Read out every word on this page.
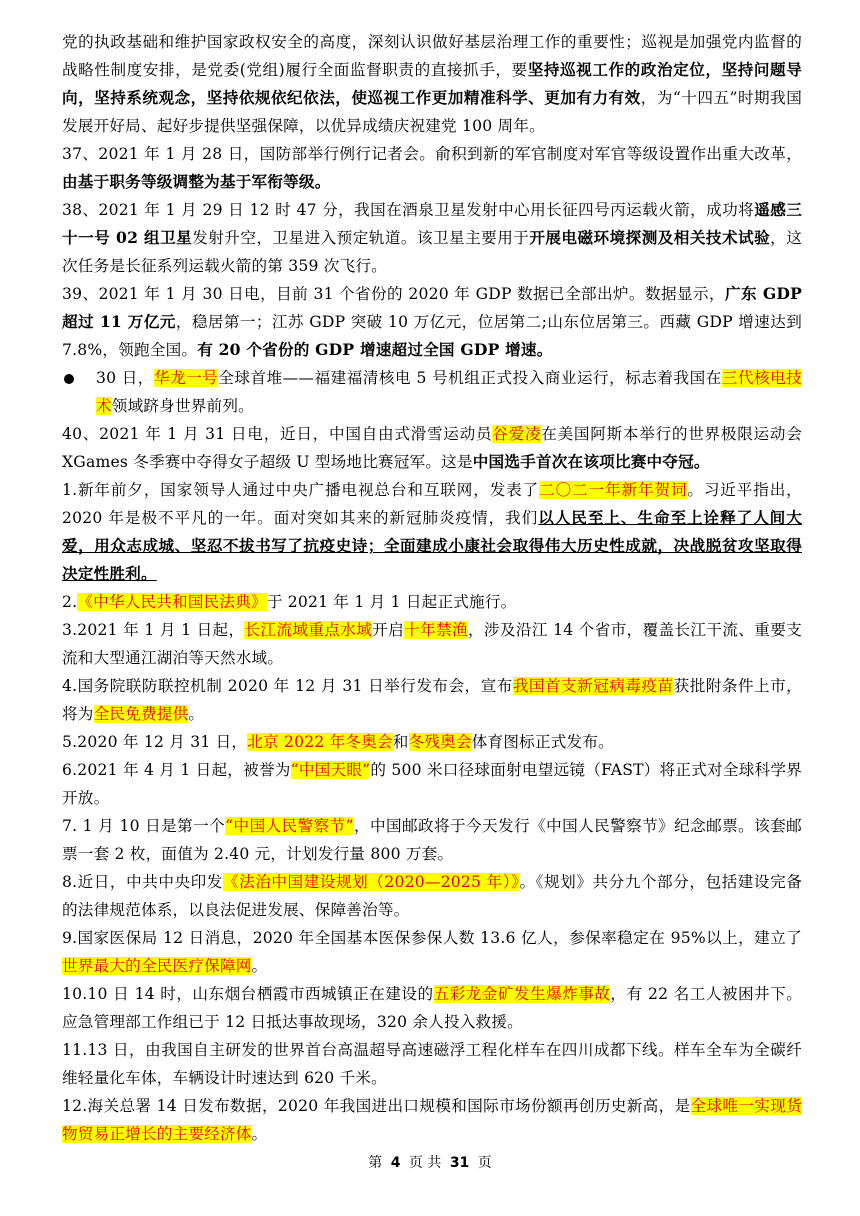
党的执政基础和维护国家政权安全的高度，深刻认识做好基层治理工作的重要性；巡视是加强党内监督的战略性制度安排，是党委(党组)履行全面监督职责的直接抓手，要坚持巡视工作的政治定位，坚持问题导向，坚持系统观念，坚持依规依纪依法，使巡视工作更加精准科学、更加有力有效，为“十四五”时期我国发展开好局、起好步提供坚强保障，以优异成绩庆祝建党 100 周年。

37、2021 年 1 月 28 日，国防部举行例行记者会。俞积到新的军官制度对军官等级设置作出重大改革，由基于职务等级调整为基于军衔等级。

38、2021 年 1 月 29 日 12 时 47 分，我国在酒泉卫星发射中心用长征四号丙运载火箭，成功将遥感三十一号 02 组卫星发射升空，卫星进入预定轨道。该卫星主要用于开展电磁环境探测及相关技术试验，这次任务是长征系列运载火箭的第 359 次飞行。

39、2021 年 1 月 30 日电，目前 31 个省份的 2020 年 GDP 数据已全部出炉。数据显示，广东 GDP 超过 11 万亿元，稳居第一；江苏 GDP 突破 10 万亿元，位居第二;山东位居第三。西藏 GDP 增速达到 7.8%，领跑全国。有 20 个省份的 GDP 增速超过全国 GDP 增速。

30 日，华龙一号全球首堆——福建福清核电 5 号机组正式投入商业运行，标志着我国在三代核电技术领域跻身世界前列。

40、2021 年 1 月 31 日电，近日，中国自由式滑雪运动员谷爱凌在美国阿斯本举行的世界极限运动会 XGames 冬季赛中夺得女子超级 U 型场地比赛冠军。这是中国选手首次在该项比赛中夺冠。

1.新年前夕，国家领导人通过中央广播电视总台和互联网，发表了二〇二一年新年贺词。习近平指出，2020 年是极不平凡的一年。面对突如其来的新冠肺炎疫情，我们以人民至上、生命至上诠释了人间大爱，用众志成城、坚忍不拔书写了抗疫史诗；全面建成小康社会取得伟大历史性成就，决战脱贫攻坚取得决定性胜利。

2.《中华人民共和国民法典》于 2021 年 1 月 1 日起正式施行。

3.2021 年 1 月 1 日起，长江流域重点水域开启十年禁渔，涉及沿江 14 个省市，覆盖长江干流、重要支流和大型通江湖泊等天然水域。

4.国务院联防联控机制 2020 年 12 月 31 日举行发布会，宣布我国首支新冠病毒疫苗获批附条件上市，将为全民免费提供。

5.2020 年 12 月 31 日，北京 2022 年冬奥会和冬残奥会体育图标正式发布。

6.2021 年 4 月 1 日起，被誉为“中国天眼”的 500 米口径球面射电望远镜（FAST）将正式对全球科学界开放。

7. 1 月 10 日是第一个“中国人民警察节”，中国邮政将于今天发行《中国人民警察节》纪念邮票。该套邮票一套 2 枚，面值为 2.40 元，计划发行量 800 万套。

8.近日，中共中央印发《法治中国建设规划（2020—2025 年）》。《规划》共分九个部分，包括建设完备的法律规范体系，以良法促进发展、保障善治等。

9.国家医保局 12 日消息，2020 年全国基本医保参保人数 13.6 亿人，参保率稳定在 95%以上，建立了世界最大的全民医疗保障网。

10.10 日 14 时，山东烟台栖霞市西城镇正在建设的五彩龙金矿发生爆炸事故，有 22 名工人被困井下。应急管理部工作组已于 12 日抵达事故现场，320 余人投入救援。

11.13 日，由我国自主研发的世界首台高温超导高速磁浮工程化样车在四川成都下线。样车全车为全碳纤维轻量化车体，车辆设计时速达到 620 千米。

12.海关总署 14 日发布数据，2020 年我国进出口规模和国际市场份额再创历史新高，是全球唯一实现货物贸易正增长的主要经济体。

第 4 页 共 31 页
